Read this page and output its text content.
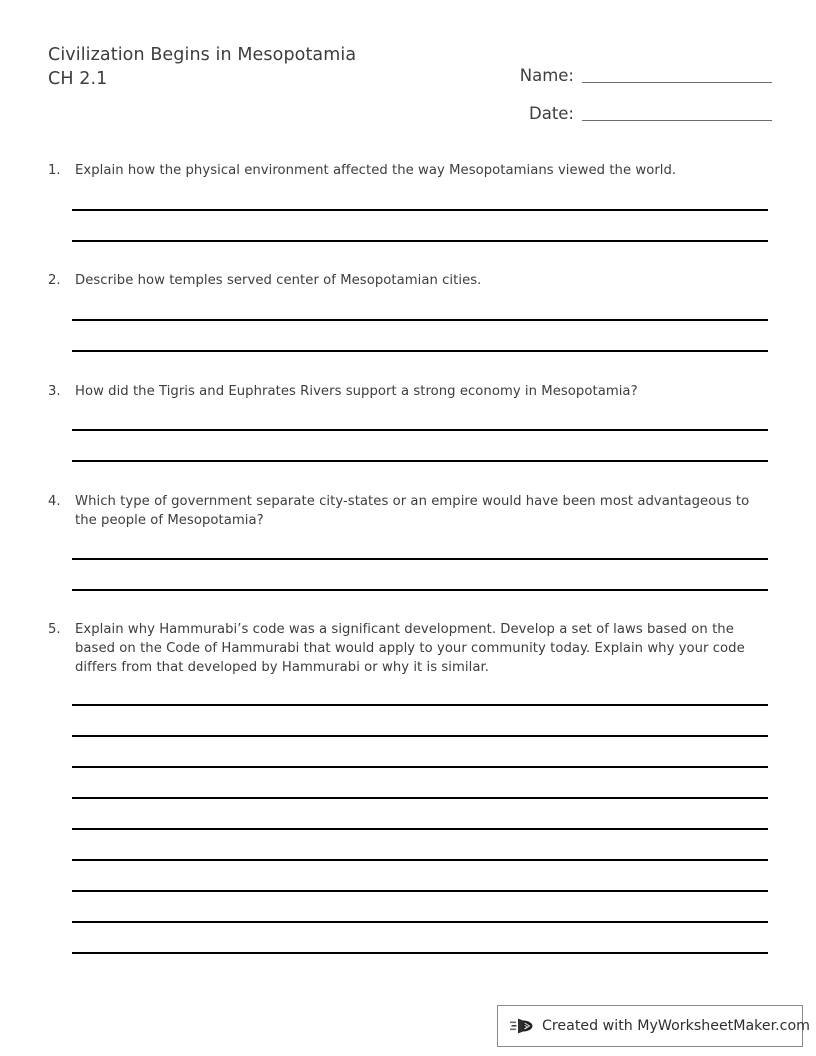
Civilization Begins in Mesopotamia
CH 2.1	Name:
Date:
1.	Explain how the physical environment affected the way Mesopotamians viewed the world.
2.	Describe how temples served center of Mesopotamian cities.
3.	How did the Tigris and Euphrates Rivers support a strong economy in Mesopotamia?
4.	Which type of government separate city-states or an empire would have been most advantageous to
the people of Mesopotamia?
5.	Explain why Hammurabi’s code was a significant development. Develop a set of laws based on the
based on the Code of Hammurabi that would apply to your community today. Explain why your code
differs from that developed by Hammurabi or why it is similar.
Created with MyWorksheetMaker.com
